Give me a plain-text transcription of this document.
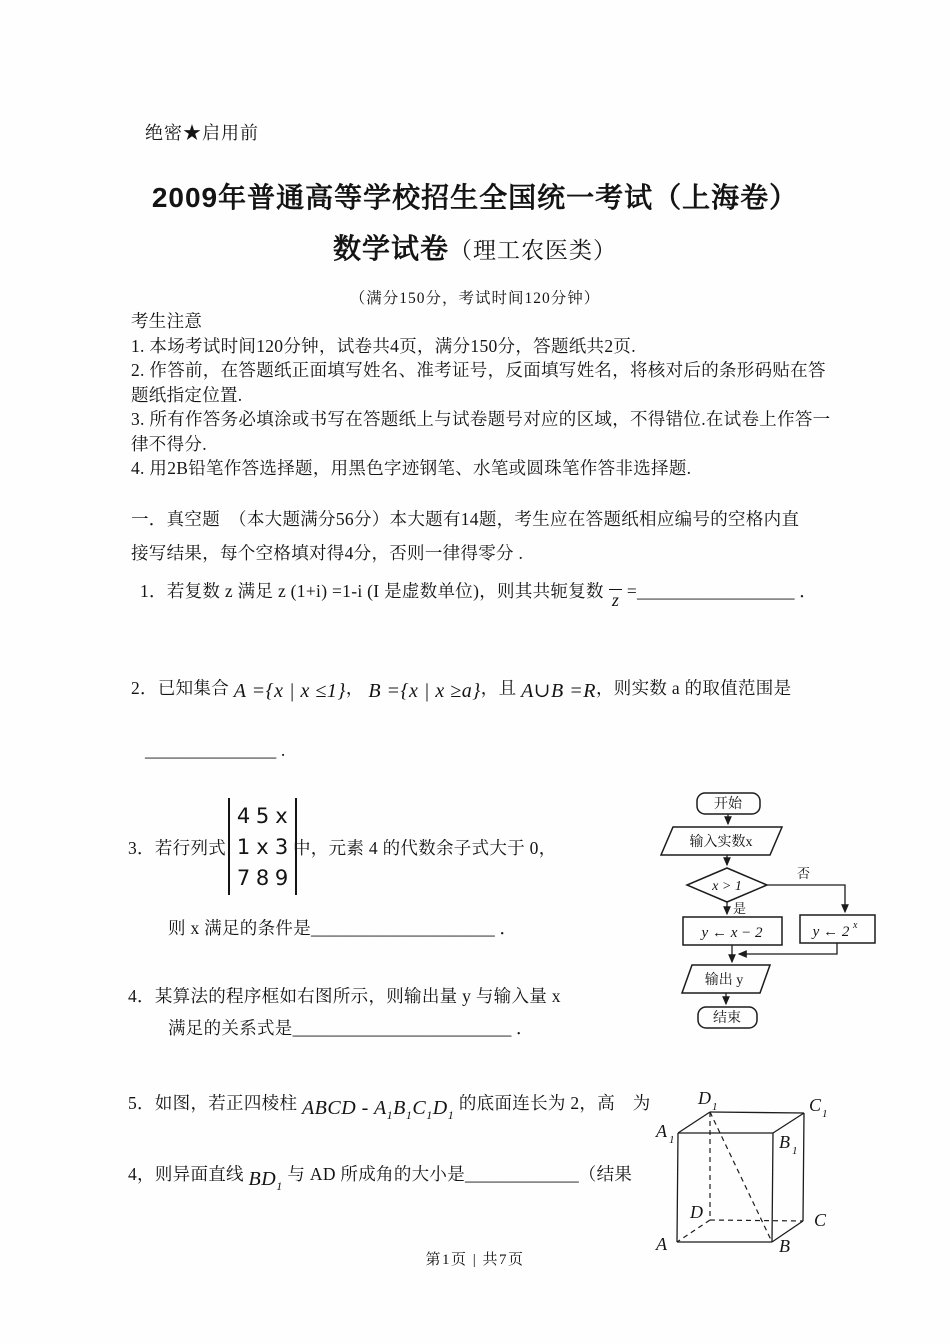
绝密★启用前
2009年普通高等学校招生全国统一考试（上海卷）
数学试卷（理工农医类）
（满分150分，考试时间120分钟）
考生注意
1. 本场考试时间120分钟，试卷共4页，满分150分，答题纸共2页.
2. 作答前，在答题纸正面填写姓名、准考证号，反面填写姓名，将核对后的条形码贴在答
题纸指定位置.
3. 所有作答务必填涂或书写在答题纸上与试卷题号对应的区域，不得错位.在试卷上作答一
律不得分.
4. 用2B铅笔作答选择题，用黑色字迹钢笔、水笔或圆珠笔作答非选择题.
一．真空题　（本大题满分56分）本大题有14题，考生应在答题纸相应编号的空格内直
接写结果，每个空格填对得4分，否则一律得零分 .
1．若复数 z 满足 z (1+i) =1-i (I 是虚数单位)，则其共轭复数 z =__________________ ．
2．已知集合 A ={x | x ≤1}， B ={x | x ≥a}，且 A∪B =R，则实数 a 的取值范围是
_______________ .
3．若行列式
4 5 x
1 x 3
7 8 9
中，元素 4 的代数余子式大于 0，
则 x 满足的条件是_____________________ ．
4．某算法的程序框如右图所示，则输出量 y 与输入量 x
满足的关系式是_________________________ ．
5．如图，若正四棱柱 ABCD - $A_1B_1C_1D_1$ 的底面连长为 2，高　为
4，则异面直线 $BD_1$ 与 AD 所成角的大小是_____________（结果
开始
输入实数x
x > 1
是
否
y ← x − 2	y ← 2 x
输出 y
结束
D 1	C 1
A 1	B 1
D	C
A	B
第1页 | 共7页
